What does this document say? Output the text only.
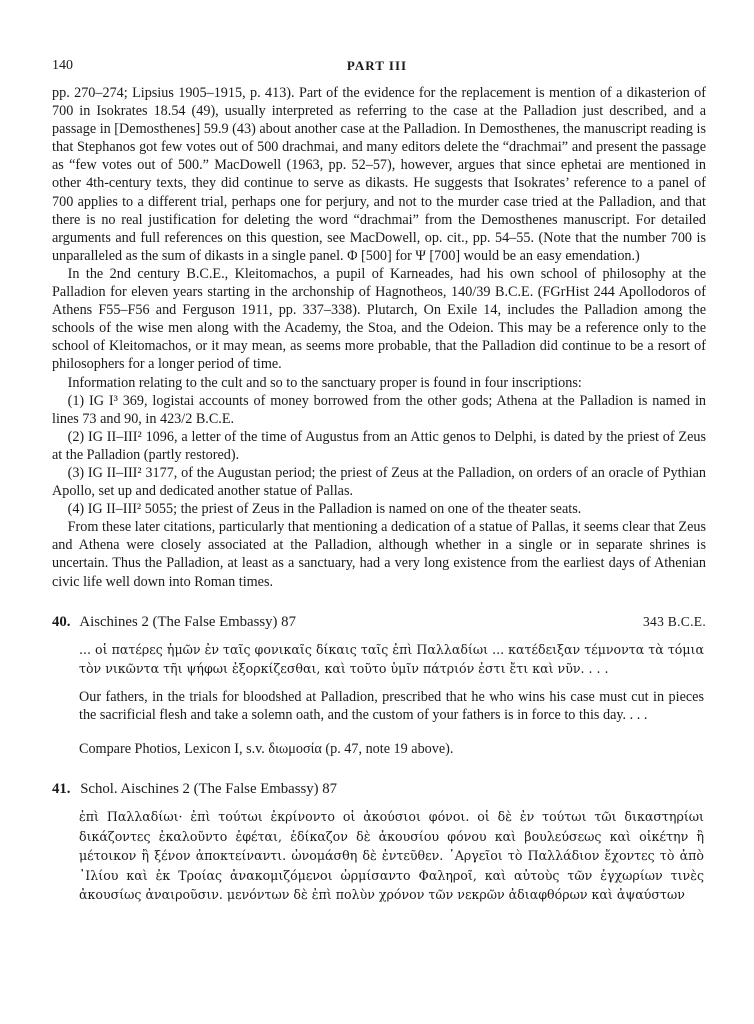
140	PART III

pp. 270–274; Lipsius 1905–1915, p. 413). Part of the evidence for the replacement is mention of a dikasterion of 700 in Isokrates 18.54 (49), usually interpreted as referring to the case at the Palladion just described, and a passage in [Demosthenes] 59.9 (43) about another case at the Palladion. In Demosthenes, the manuscript reading is that Stephanos got few votes out of 500 drachmai, and many editors delete the “drachmai” and present the passage as “few votes out of 500.” MacDowell (1963, pp. 52–57), however, argues that since ephetai are mentioned in other 4th-century texts, they did continue to serve as dikasts. He suggests that Isokrates’ reference to a panel of 700 applies to a different trial, perhaps one for perjury, and not to the murder case tried at the Palladion, and that there is no real justification for deleting the word “drachmai” from the Demosthenes manuscript. For detailed arguments and full references on this question, see MacDowell, op. cit., pp. 54–55. (Note that the number 700 is unparalleled as the sum of dikasts in a single panel. Φ [500] for Ψ [700] would be an easy emendation.)

In the 2nd century B.C.E., Kleitomachos, a pupil of Karneades, had his own school of philosophy at the Palladion for eleven years starting in the archonship of Hagnotheos, 140/39 B.C.E. (FGrHist 244 Apollodoros of Athens F55–F56 and Ferguson 1911, pp. 337–338). Plutarch, On Exile 14, includes the Palladion among the schools of the wise men along with the Academy, the Stoa, and the Odeion. This may be a reference only to the school of Kleitomachos, or it may mean, as seems more probable, that the Palladion did continue to be a resort of philosophers for a longer period of time.

Information relating to the cult and so to the sanctuary proper is found in four inscriptions:

(1) IG I³ 369, logistai accounts of money borrowed from the other gods; Athena at the Palladion is named in lines 73 and 90, in 423/2 B.C.E.

(2) IG II–III² 1096, a letter of the time of Augustus from an Attic genos to Delphi, is dated by the priest of Zeus at the Palladion (partly restored).

(3) IG II–III² 3177, of the Augustan period; the priest of Zeus at the Palladion, on orders of an oracle of Pythian Apollo, set up and dedicated another statue of Pallas.

(4) IG II–III² 5055; the priest of Zeus in the Palladion is named on one of the theater seats.

From these later citations, particularly that mentioning a dedication of a statue of Pallas, it seems clear that Zeus and Athena were closely associated at the Palladion, although whether in a single or in separate shrines is uncertain. Thus the Palladion, at least as a sanctuary, had a very long existence from the earliest days of Athenian civic life well down into Roman times.

40. Aischines 2 (The False Embassy) 87	343 B.C.E.

... οἱ πατέρες ἡμῶν ἐν ταῖς φονικαῖς δίκαις ταῖς ἐπὶ Παλλαδίωι ... κατέδειξαν τέμνοντα τὰ τόμια τὸν νικῶντα τῆι ψήφωι ἐξορκίζεσθαι, καὶ τοῦτο ὑμῖν πάτριόν ἐστι ἔτι καὶ νῦν. . . .

Our fathers, in the trials for bloodshed at Palladion, prescribed that he who wins his case must cut in pieces the sacrificial flesh and take a solemn oath, and the custom of your fathers is in force to this day. . . .

Compare Photios, Lexicon I, s.v. διωμοσία (p. 47, note 19 above).

41. Schol. Aischines 2 (The False Embassy) 87

ἐπὶ Παλλαδίωι· ἐπὶ τούτωι ἐκρίνοντο οἱ ἀκούσιοι φόνοι. οἱ δὲ ἐν τούτωι τῶι δικαστηρίωι δικάζοντες ἐκαλοῦντο ἐφέται, ἐδίκαζον δὲ ἀκουσίου φόνου καὶ βουλεύσεως καὶ οἰκέτην ἢ μέτοικον ἢ ξένον ἀποκτείναντι. ὠνομάσθη δὲ ἐντεῦθεν. ᾿Αργεῖοι τὸ Παλλάδιον ἔχοντες τὸ ἀπὸ ᾿Ιλίου καὶ ἐκ Τροίας ἀνακομιζόμενοι ὡρμίσαντο Φαληροῖ, καὶ αὐτοὺς τῶν ἐγχωρίων τινὲς ἀκουσίως ἀναιροῦσιν. μενόντων δὲ ἐπὶ πολὺν χρόνον τῶν νεκρῶν ἀδιαφθόρων καὶ ἀψαύστων
